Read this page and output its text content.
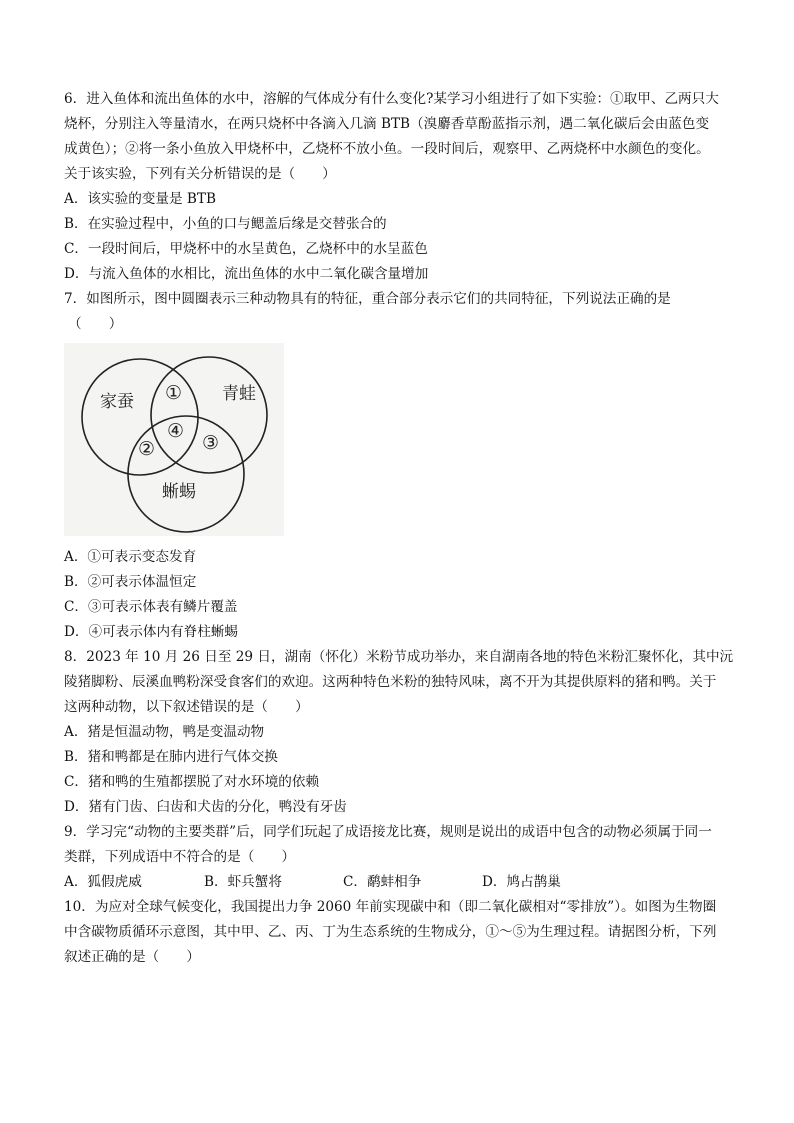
6．进入鱼体和流出鱼体的水中，溶解的气体成分有什么变化?某学习小组进行了如下实验：①取甲、乙两只大
烧杯，分别注入等量清水，在两只烧杯中各滴入几滴 BTB（溴麝香草酚蓝指示剂，遇二氧化碳后会由蓝色变
成黄色）；②将一条小鱼放入甲烧杯中，乙烧杯不放小鱼。一段时间后，观察甲、乙两烧杯中水颜色的变化。
关于该实验，下列有关分析错误的是（　　）
A．该实验的变量是 BTB
B．在实验过程中，小鱼的口与鳃盖后缘是交替张合的
C．一段时间后，甲烧杯中的水呈黄色，乙烧杯中的水呈蓝色
D．与流入鱼体的水相比，流出鱼体的水中二氧化碳含量增加
7．如图所示，图中圆圈表示三种动物具有的特征，重合部分表示它们的共同特征，下列说法正确的是
（　　）
家蚕	青蛙
蜥蜴
①
② ③
④
A．①可表示变态发育
B．②可表示体温恒定
C．③可表示体表有鳞片覆盖
D．④可表示体内有脊柱蜥蜴
8．2023 年 10 月 26 日至 29 日，湖南（怀化）米粉节成功举办，来自湖南各地的特色米粉汇聚怀化，其中沅
陵猪脚粉、辰溪血鸭粉深受食客们的欢迎。这两种特色米粉的独特风味，离不开为其提供原料的猪和鸭。关于
这两种动物，以下叙述错误的是（　　）
A．猪是恒温动物，鸭是变温动物
B．猪和鸭都是在肺内进行气体交换
C．猪和鸭的生殖都摆脱了对水环境的依赖
D．猪有门齿、臼齿和犬齿的分化，鸭没有牙齿
9．学习完“动物的主要类群”后，同学们玩起了成语接龙比赛，规则是说出的成语中包含的动物必须属于同一
类群，下列成语中不符合的是（　　）
A．狐假虎威	B．虾兵蟹将	C．鹬蚌相争	D．鸠占鹊巢
10．为应对全球气候变化，我国提出力争 2060 年前实现碳中和（即二氧化碳相对“零排放”）。如图为生物圈
中含碳物质循环示意图，其中甲、乙、丙、丁为生态系统的生物成分，①～⑤为生理过程。请据图分析，下列
叙述正确的是（　　）
